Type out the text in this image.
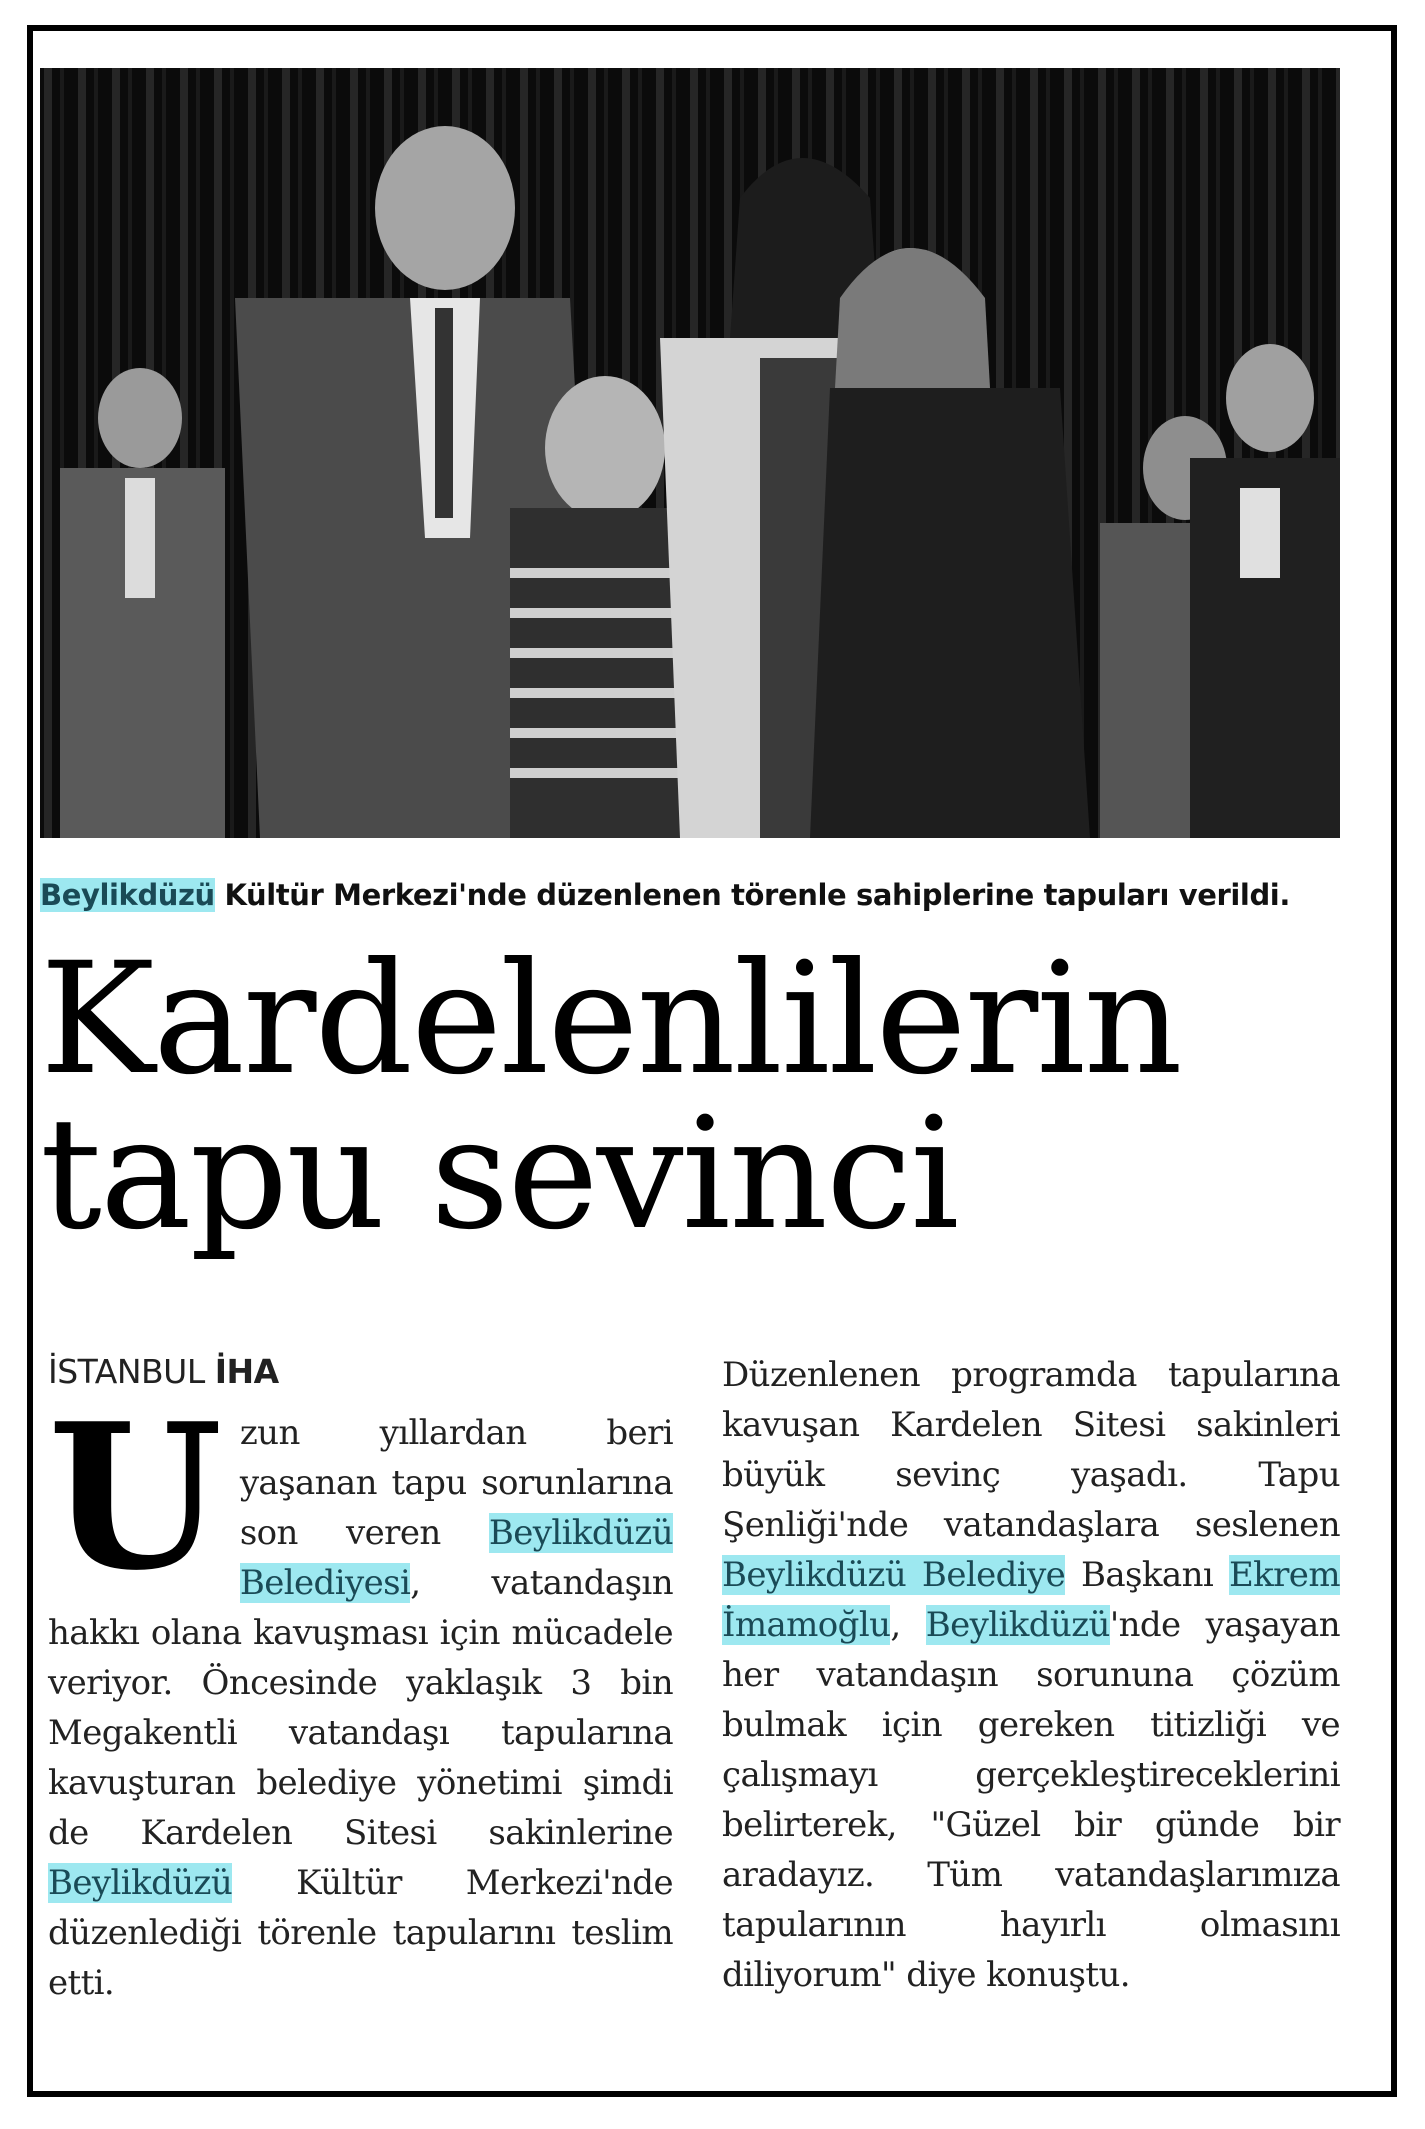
Beylikdüzü Kültür Merkezi'nde düzenlenen törenle sahiplerine tapuları verildi.
Kardelenlilerin
tapu sevinci
İSTANBUL İHA
Uzun yıllardan beri yaşanan tapu sorunlarına son veren Beylikdüzü Belediyesi, vatandaşın hakkı olana kavuşması için mücadele veriyor. Öncesinde yaklaşık 3 bin Megakentli vatandaşı tapularına kavuşturan belediye yönetimi şimdi de Kardelen Sitesi sakinlerine Beylikdüzü Kültür Merkezi'nde düzenlediği törenle tapularını teslim etti.
Düzenlenen programda tapularına kavuşan Kardelen Sitesi sakinleri büyük sevinç yaşadı. Tapu Şenliği'nde vatandaşlara seslenen Beylikdüzü Belediye Başkanı Ekrem İmamoğlu, Beylikdüzü'nde yaşayan her vatandaşın sorununa çözüm bulmak için gereken titizliği ve çalışmayı gerçekleştireceklerini belirterek, "Güzel bir günde bir aradayız. Tüm vatandaşlarımıza tapularının hayırlı olmasını diliyorum" diye konuştu.
